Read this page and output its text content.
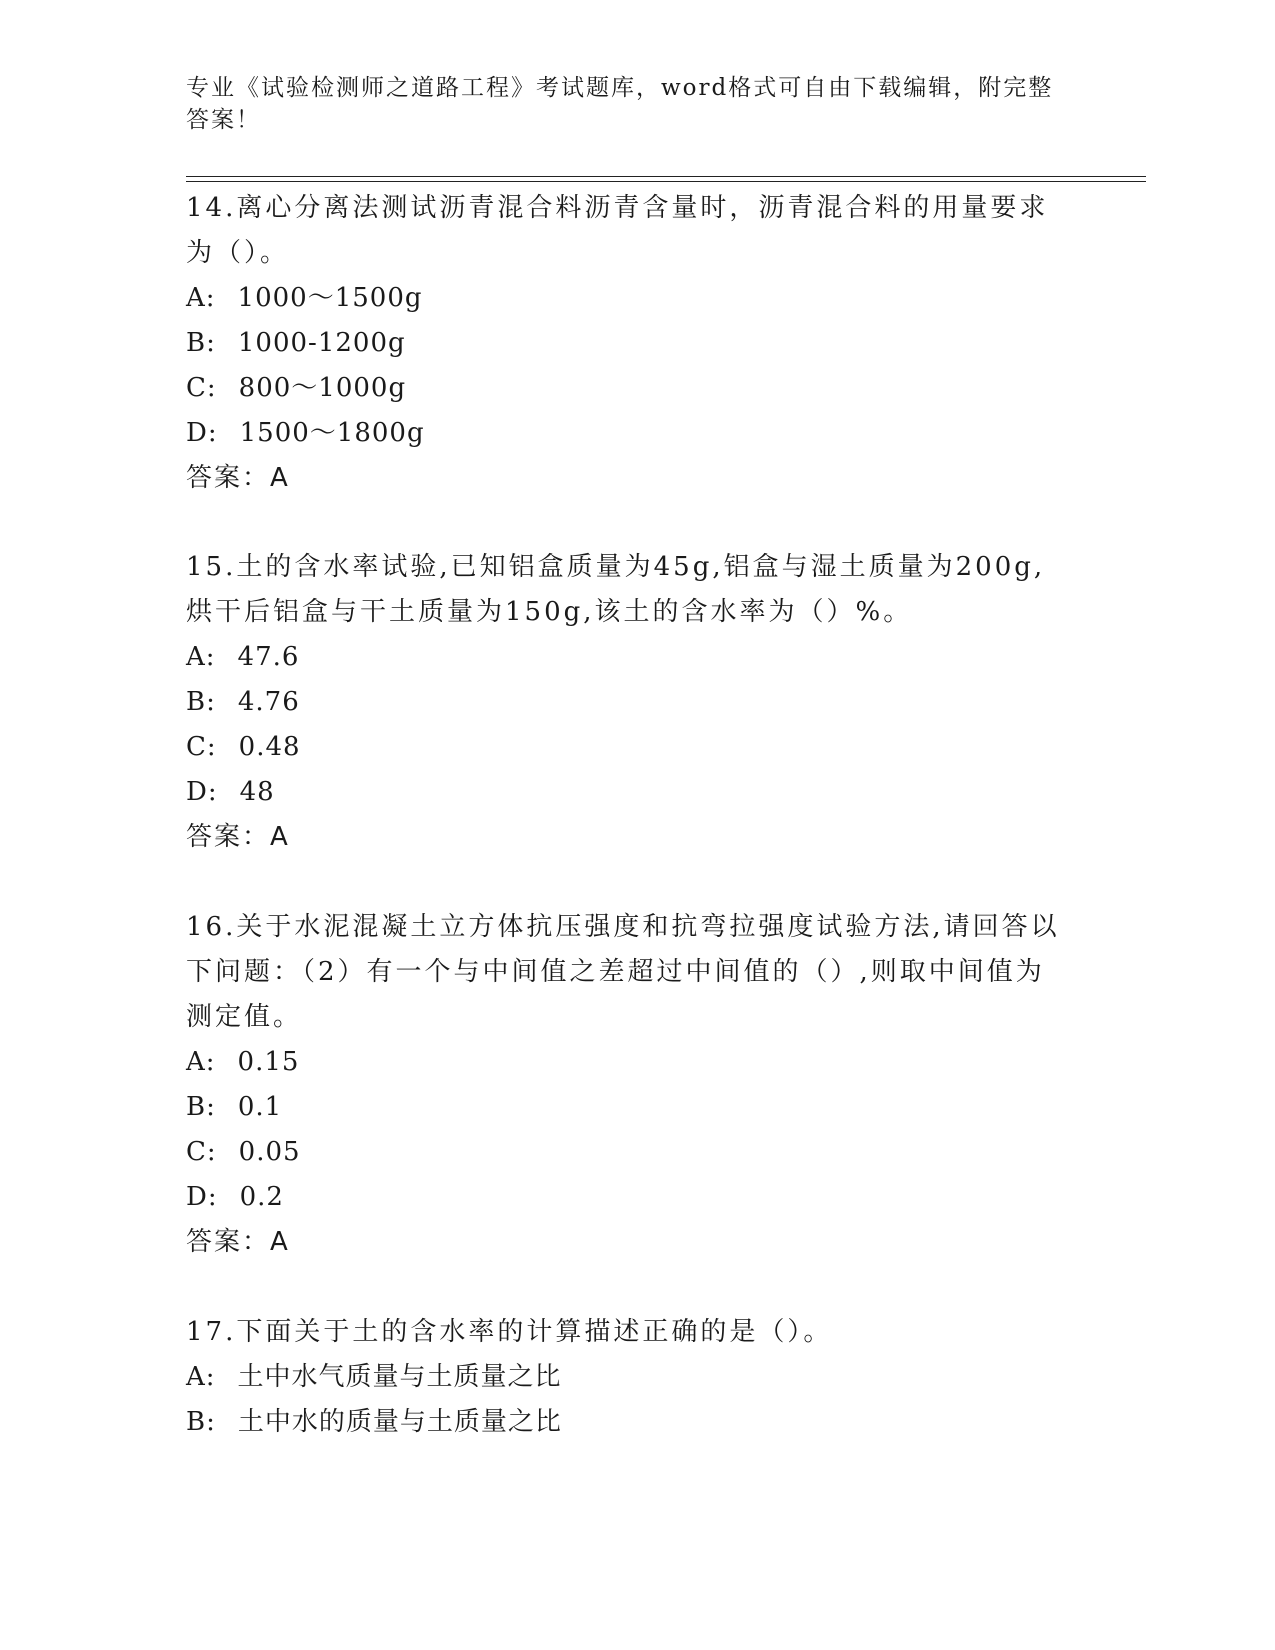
专业《试验检测师之道路工程》考试题库，word格式可自由下载编辑，附完整答案！

14.离心分离法测试沥青混合料沥青含量时，沥青混合料的用量要求为（）。

A: 1000～1500g

B: 1000-1200g

C: 800～1000g

D: 1500～1800g

答案：A

15.土的含水率试验,已知铝盒质量为45g,铝盒与湿土质量为200g,烘干后铝盒与干土质量为150g,该土的含水率为（）%。

A: 47.6

B: 4.76

C: 0.48

D: 48

答案：A

16.关于水泥混凝土立方体抗压强度和抗弯拉强度试验方法,请回答以下问题：（2）有一个与中间值之差超过中间值的（）,则取中间值为测定值。

A: 0.15

B: 0.1

C: 0.05

D: 0.2

答案：A

17.下面关于土的含水率的计算描述正确的是（）。

A: 土中水气质量与土质量之比

B: 土中水的质量与土质量之比
